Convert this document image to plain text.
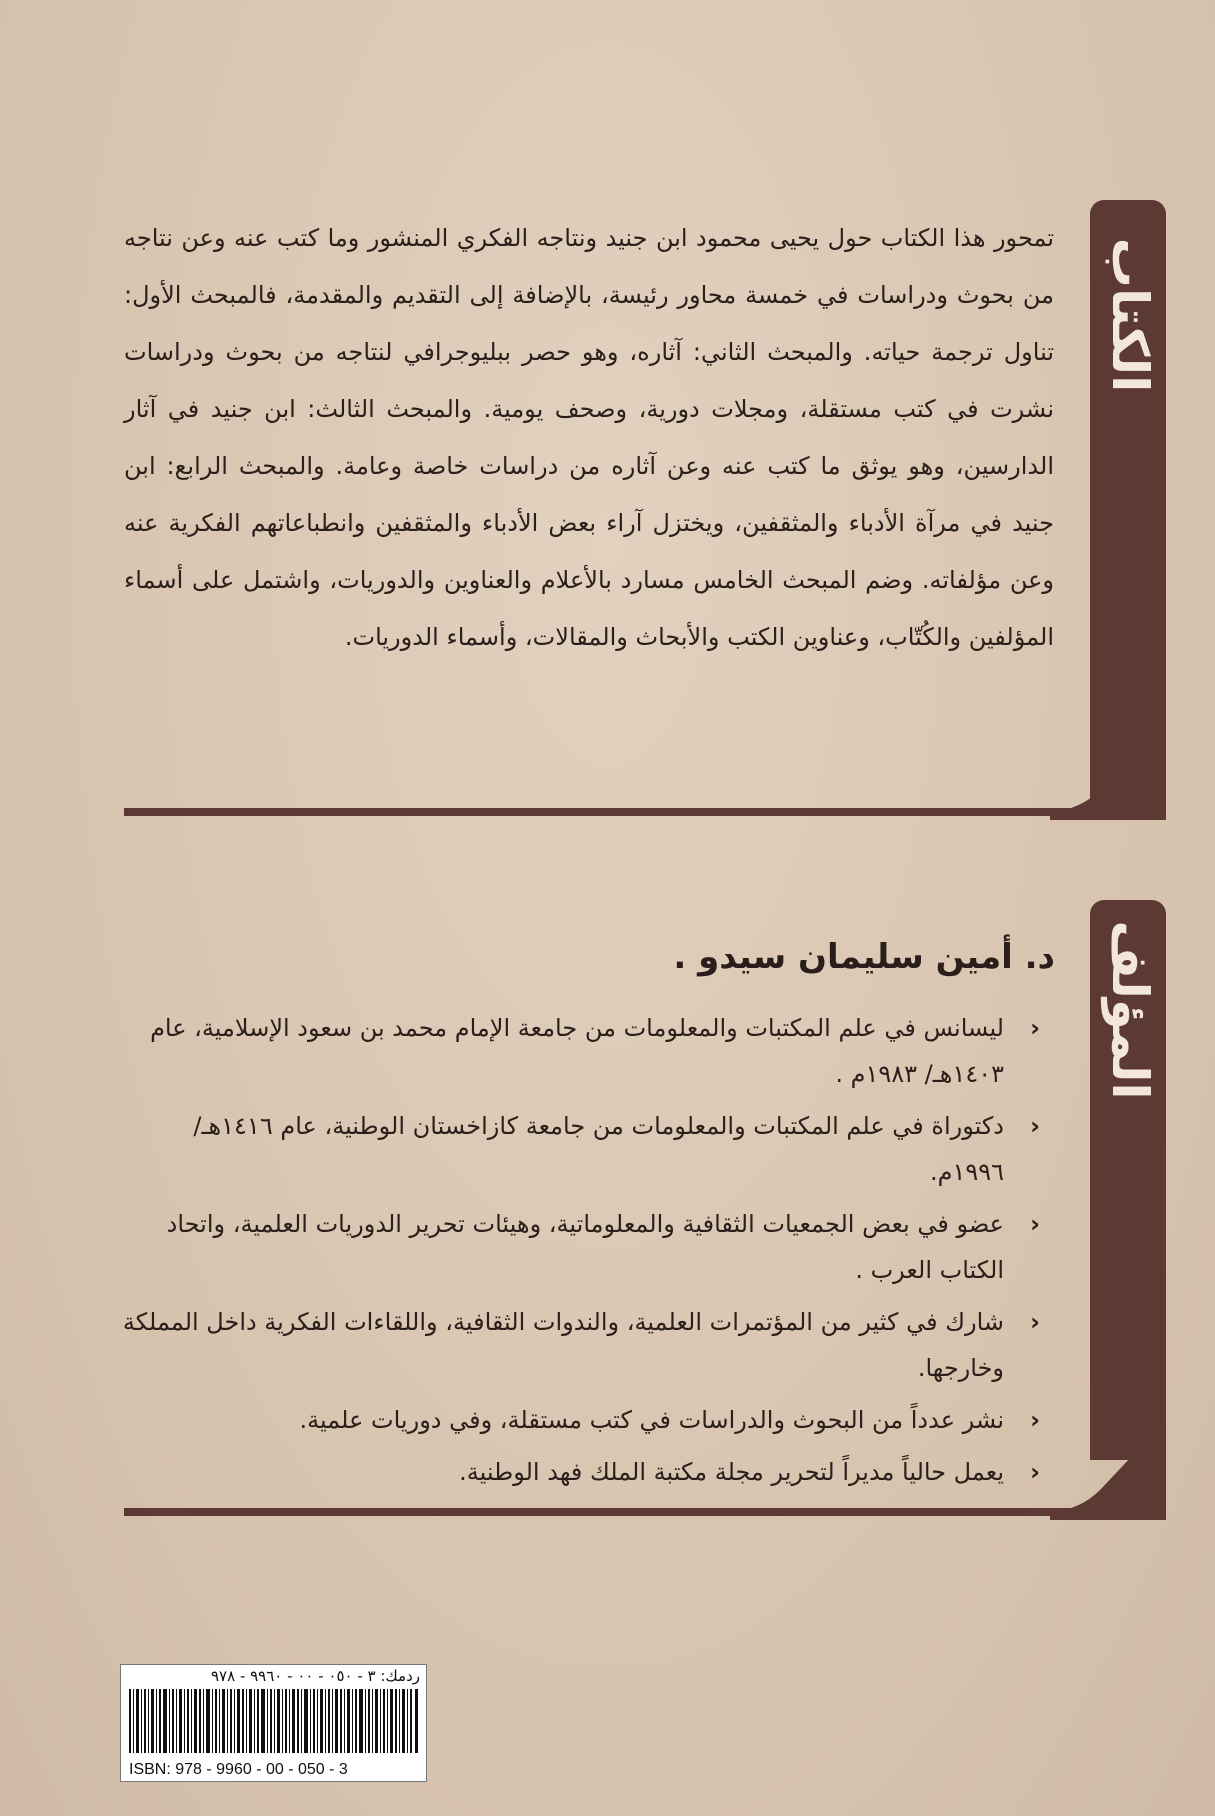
الكتاب
تمحور هذا الكتاب حول يحيى محمود ابن جنيد ونتاجه الفكري المنشور وما كتب عنه وعن نتاجه من بحوث ودراسات في خمسة محاور رئيسة، بالإضافة إلى التقديم والمقدمة، فالمبحث الأول: تناول ترجمة حياته. والمبحث الثاني: آثاره، وهو حصر ببليوجرافي لنتاجه من بحوث ودراسات نشرت في كتب مستقلة، ومجلات دورية، وصحف يومية. والمبحث الثالث: ابن جنيد في آثار الدارسين، وهو يوثق ما كتب عنه وعن آثاره من دراسات خاصة وعامة. والمبحث الرابع: ابن جنيد في مرآة الأدباء والمثقفين، ويختزل آراء بعض الأدباء والمثقفين وانطباعاتهم الفكرية عنه وعن مؤلفاته. وضم المبحث الخامس مسارد بالأعلام والعناوين والدوريات، واشتمل على أسماء المؤلفين والكُتّاب، وعناوين الكتب والأبحاث والمقالات، وأسماء الدوريات.
المؤلف
د. أمين سليمان سيدو .
‹
ليسانس في علم المكتبات والمعلومات من جامعة الإمام محمد بن سعود الإسلامية، عام ١٤٠٣هـ/ ١٩٨٣م .
‹
دكتوراة في علم المكتبات والمعلومات من جامعة كازاخستان الوطنية، عام ١٤١٦هـ/ ١٩٩٦م.
‹
عضو في بعض الجمعيات الثقافية والمعلوماتية، وهيئات تحرير الدوريات العلمية، واتحاد الكتاب العرب .
‹
شارك في كثير من المؤتمرات العلمية، والندوات الثقافية، واللقاءات الفكرية داخل المملكة وخارجها.
‹
نشر عدداً من البحوث والدراسات في كتب مستقلة، وفي دوريات علمية.
‹
يعمل حالياً مديراً لتحرير مجلة مكتبة الملك فهد الوطنية.
ردمك: ٣ - ٠٥٠ - ٠٠ - ٩٩٦٠ - ٩٧٨
ISBN: 978 - 9960 - 00 - 050 - 3
